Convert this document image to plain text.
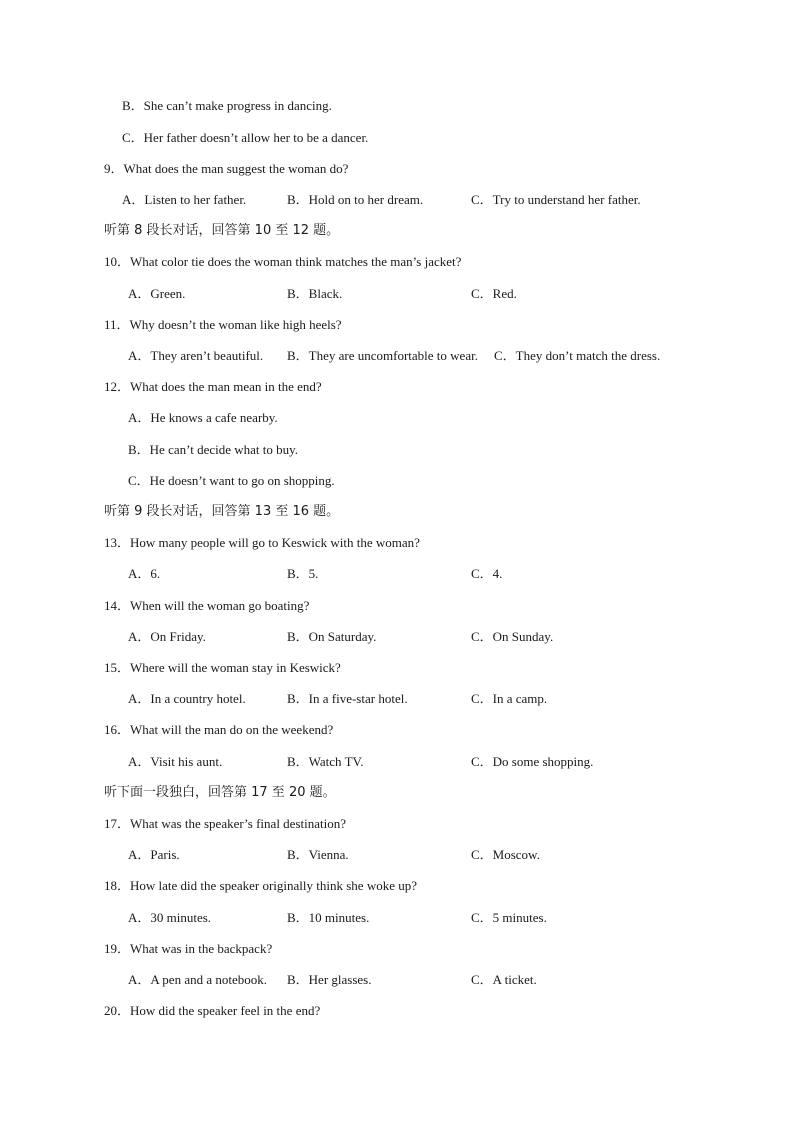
B．She can’t make progress in dancing.
C．Her father doesn’t allow her to be a dancer.
9．What does the man suggest the woman do?
A．Listen to her father.	B．Hold on to her dream.	C．Try to understand her father.
听第 8 段长对话，回答第 10 至 12 题。
10．What color tie does the woman think matches the man’s jacket?
A．Green.	B．Black.	C．Red.
11．Why doesn’t the woman like high heels?
A．They aren’t beautiful. B．They are uncomfortable to wear. C．They don’t match the dress.
12．What does the man mean in the end?
A．He knows a cafe nearby.
B．He can’t decide what to buy.
C．He doesn’t want to go on shopping.
听第 9 段长对话，回答第 13 至 16 题。
13．How many people will go to Keswick with the woman?
A．6.	B．5.	C．4.
14．When will the woman go boating?
A．On Friday.	B．On Saturday.	C．On Sunday.
15．Where will the woman stay in Keswick?
A．In a country hotel.	B．In a five-star hotel.	C．In a camp.
16．What will the man do on the weekend?
A．Visit his aunt.	B．Watch TV.	C．Do some shopping.
听下面一段独白，回答第 17 至 20 题。
17．What was the speaker’s final destination?
A．Paris.	B．Vienna.	C．Moscow.
18．How late did the speaker originally think she woke up?
A．30 minutes.	B．10 minutes.	C．5 minutes.
19．What was in the backpack?
A．A pen and a notebook. B．Her glasses.	C．A ticket.
20．How did the speaker feel in the end?
